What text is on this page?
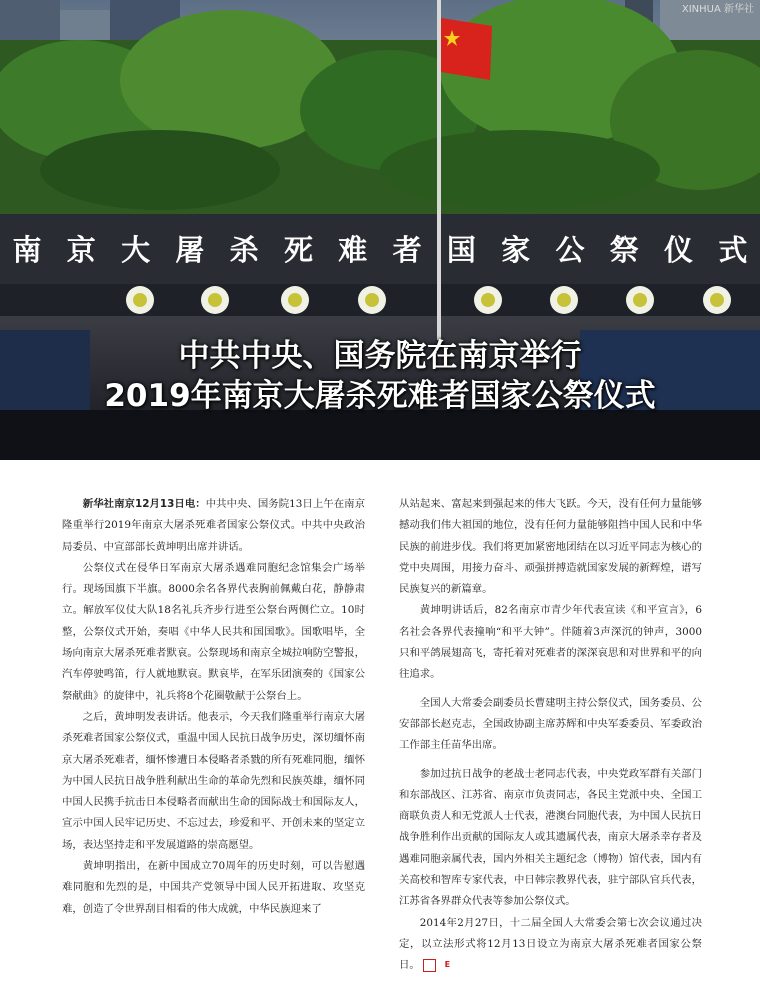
南 京 大 屠 杀 死 难 者 国 家 公 祭 仪 式
XINHUA 新华社
中共中央、国务院在南京举行
2019年南京大屠杀死难者国家公祭仪式

新华社南京12月13日电：中共中央、国务院13日上午在南京隆重举行2019年南京大屠杀死难者国家公祭仪式。中共中央政治局委员、中宣部部长黄坤明出席并讲话。

公祭仪式在侵华日军南京大屠杀遇难同胞纪念馆集会广场举行。现场国旗下半旗。8000余名各界代表胸前佩戴白花，静静肃立。解放军仪仗大队18名礼兵齐步行进至公祭台两侧伫立。10时整，公祭仪式开始，奏唱《中华人民共和国国歌》。国歌唱毕，全场向南京大屠杀死难者默哀。公祭现场和南京全城拉响防空警报，汽车停驶鸣笛，行人就地默哀。默哀毕，在军乐团演奏的《国家公祭献曲》的旋律中，礼兵将8个花圈敬献于公祭台上。

之后，黄坤明发表讲话。他表示，今天我们隆重举行南京大屠杀死难者国家公祭仪式，重温中国人民抗日战争历史，深切缅怀南京大屠杀死难者，缅怀惨遭日本侵略者杀戮的所有死难同胞，缅怀为中国人民抗日战争胜利献出生命的革命先烈和民族英雄，缅怀同中国人民携手抗击日本侵略者而献出生命的国际战士和国际友人，宣示中国人民牢记历史、不忘过去，珍爱和平、开创未来的坚定立场，表达坚持走和平发展道路的崇高愿望。

黄坤明指出，在新中国成立70周年的历史时刻，可以告慰遇难同胞和先烈的是，中国共产党领导中国人民开拓进取、攻坚克难，创造了令世界刮目相看的伟大成就，中华民族迎来了

从站起来、富起来到强起来的伟大飞跃。今天，没有任何力量能够撼动我们伟大祖国的地位，没有任何力量能够阻挡中国人民和中华民族的前进步伐。我们将更加紧密地团结在以习近平同志为核心的党中央周围，用接力奋斗、顽强拼搏造就国家发展的新辉煌，谱写民族复兴的新篇章。

黄坤明讲话后，82名南京市青少年代表宣读《和平宣言》，6名社会各界代表撞响“和平大钟”。伴随着3声深沉的钟声，3000只和平鸽展翅高飞，寄托着对死难者的深深哀思和对世界和平的向往追求。

全国人大常委会副委员长曹建明主持公祭仪式，国务委员、公安部部长赵克志，全国政协副主席苏辉和中央军委委员、军委政治工作部主任苗华出席。

参加过抗日战争的老战士老同志代表，中央党政军群有关部门和东部战区、江苏省、南京市负责同志，各民主党派中央、全国工商联负责人和无党派人士代表，港澳台同胞代表，为中国人民抗日战争胜利作出贡献的国际友人或其遗属代表，南京大屠杀幸存者及遇难同胞亲属代表，国内外相关主题纪念（博物）馆代表，国内有关高校和智库专家代表，中日韩宗教界代表，驻宁部队官兵代表，江苏省各界群众代表等参加公祭仪式。

2014年2月27日，十二届全国人大常委会第七次会议通过决定，以立法形式将12月13日设立为南京大屠杀死难者国家公祭日。	E
